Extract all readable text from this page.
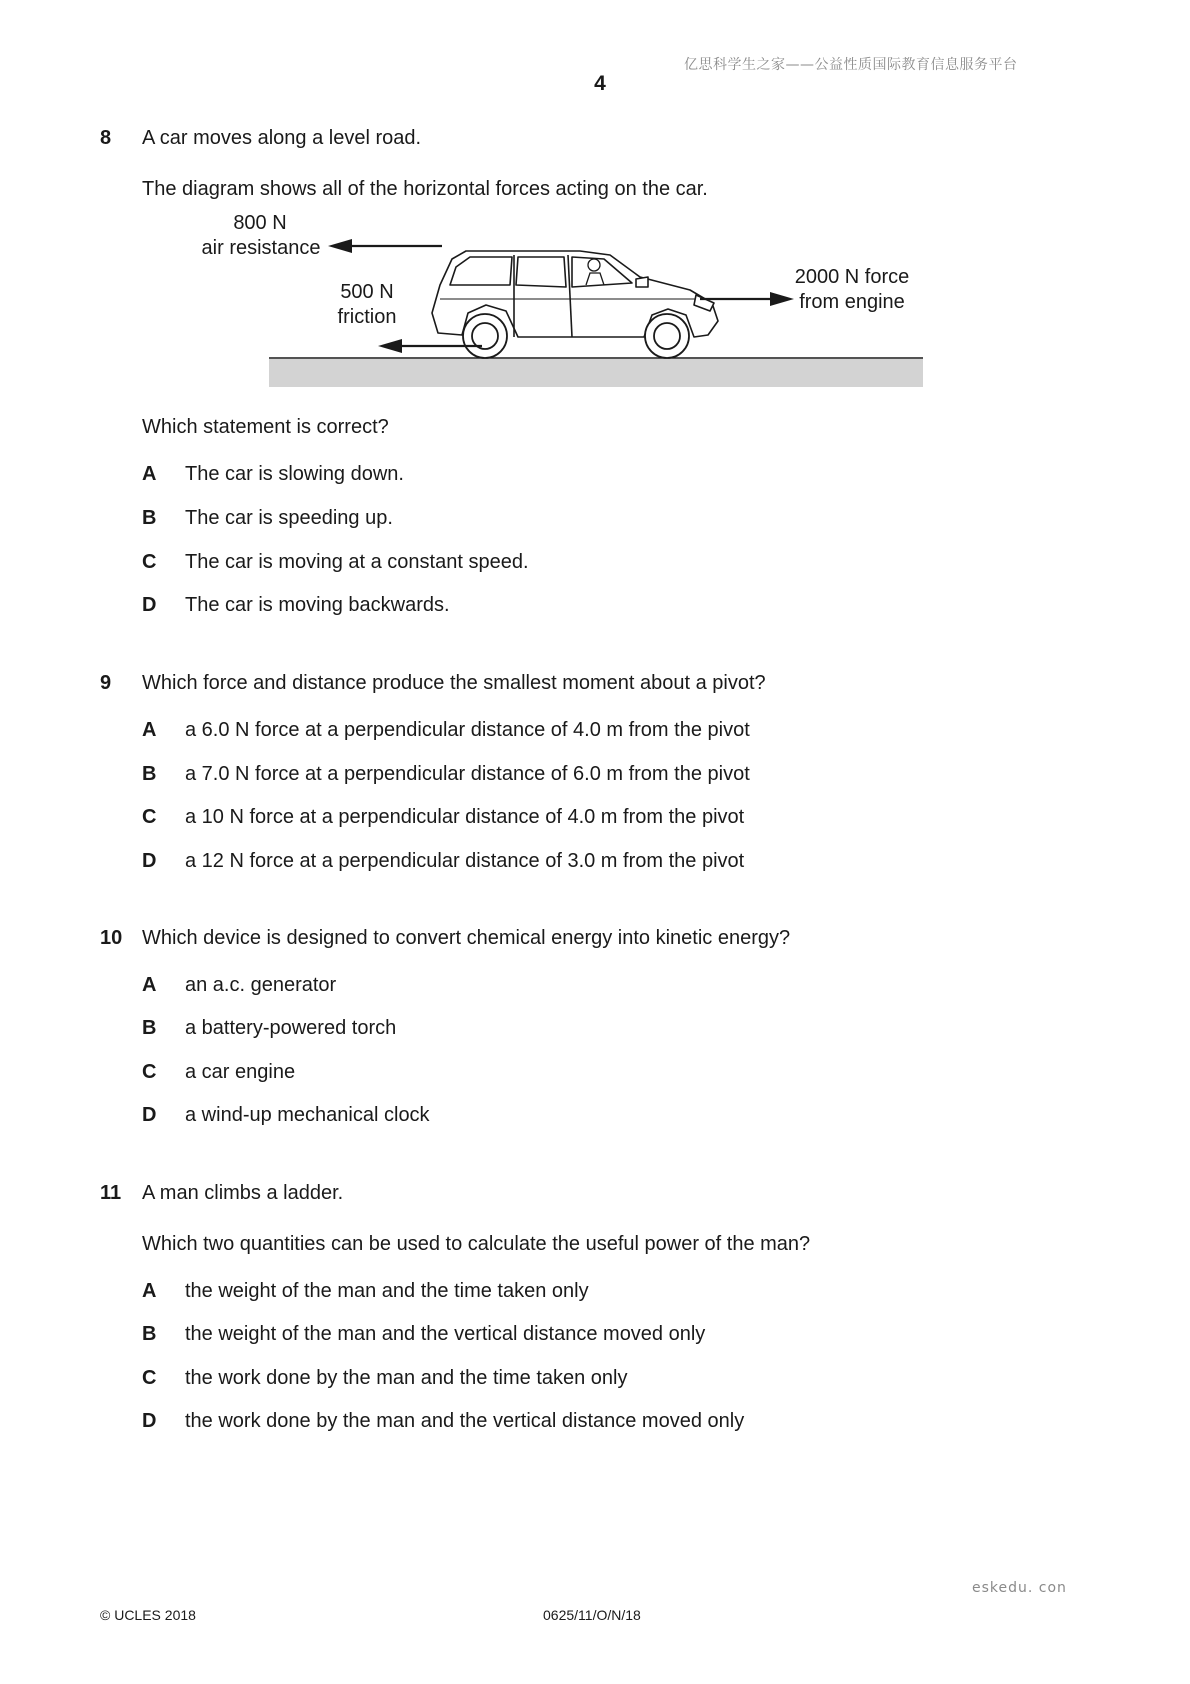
亿思科学生之家——公益性质国际教育信息服务平台
4
8	A car moves along a level road.
The diagram shows all of the horizontal forces acting on the car.
800 N
air resistance
500 N
friction
2000 N force
from engine
Which statement is correct?
A	The car is slowing down.
B	The car is speeding up.
C	The car is moving at a constant speed.
D	The car is moving backwards.
9	Which force and distance produce the smallest moment about a pivot?
A	a 6.0 N force at a perpendicular distance of 4.0 m from the pivot
B	a 7.0 N force at a perpendicular distance of 6.0 m from the pivot
C	a 10 N force at a perpendicular distance of 4.0 m from the pivot
D	a 12 N force at a perpendicular distance of 3.0 m from the pivot
10 Which device is designed to convert chemical energy into kinetic energy?
A	an a.c. generator
B	a battery-powered torch
C	a car engine
D	a wind-up mechanical clock
11	A man climbs a ladder.
Which two quantities can be used to calculate the useful power of the man?
A	the weight of the man and the time taken only
B	the weight of the man and the vertical distance moved only
C	the work done by the man and the time taken only
D	the work done by the man and the vertical distance moved only
eskedu. con
© UCLES 2018	0625/11/O/N/18
